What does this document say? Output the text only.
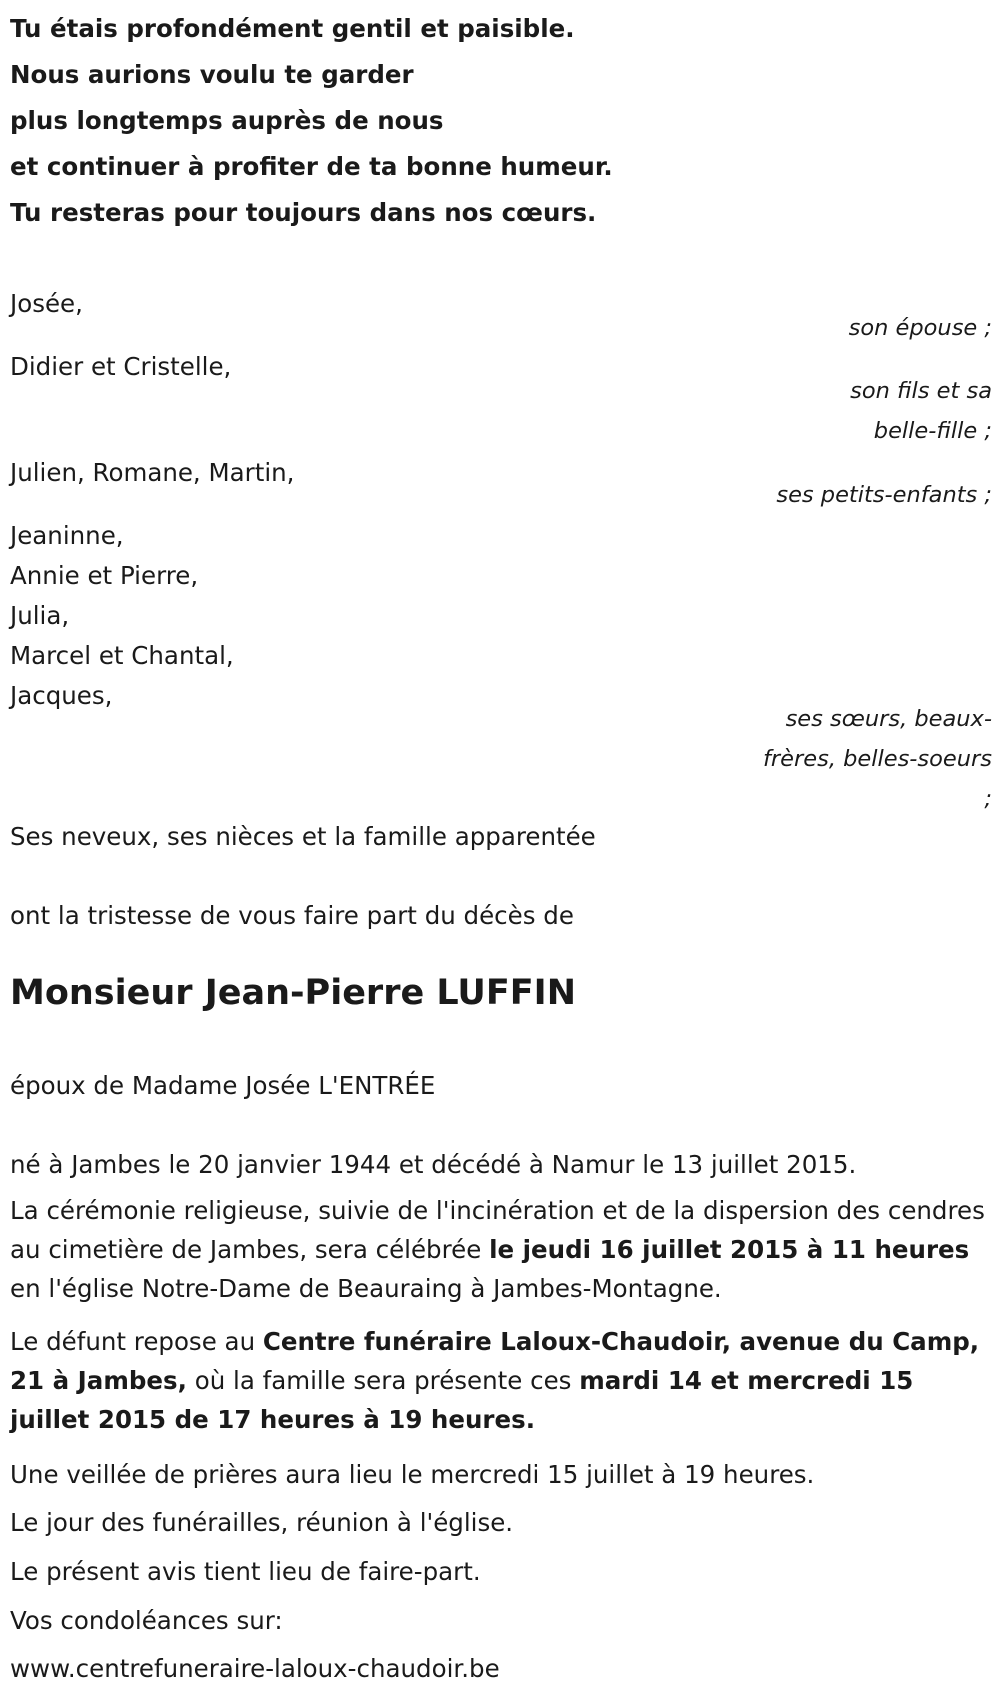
Tu étais profondément gentil et paisible.
Nous aurions voulu te garder
plus longtemps auprès de nous
et continuer à profiter de ta bonne humeur.
Tu resteras pour toujours dans nos cœurs.
Josée,
son épouse ;
Didier et Cristelle,
son fils et sa
belle-fille ;
Julien, Romane, Martin,
ses petits-enfants ;
Jeaninne,
Annie et Pierre,
Julia,
Marcel et Chantal,
Jacques,
ses sœurs, beaux-
frères, belles-soeurs
;
Ses neveux, ses nièces et la famille apparentée
ont la tristesse de vous faire part du décès de
Monsieur Jean-Pierre LUFFIN
époux de Madame Josée L'ENTRÉE
né à Jambes le 20 janvier 1944 et décédé à Namur le 13 juillet 2015.
La cérémonie religieuse, suivie de l'incinération et de la dispersion des cendres au cimetière de Jambes, sera célébrée le jeudi 16 juillet 2015 à 11 heures en l'église Notre-Dame de Beauraing à Jambes-Montagne.
Le défunt repose au Centre funéraire Laloux-Chaudoir, avenue du Camp, 21 à Jambes, où la famille sera présente ces mardi 14 et mercredi 15 juillet 2015 de 17 heures à 19 heures.
Une veillée de prières aura lieu le mercredi 15 juillet à 19 heures.
Le jour des funérailles, réunion à l'église.
Le présent avis tient lieu de faire-part.
Vos condoléances sur:
www.centrefuneraire-laloux-chaudoir.be
